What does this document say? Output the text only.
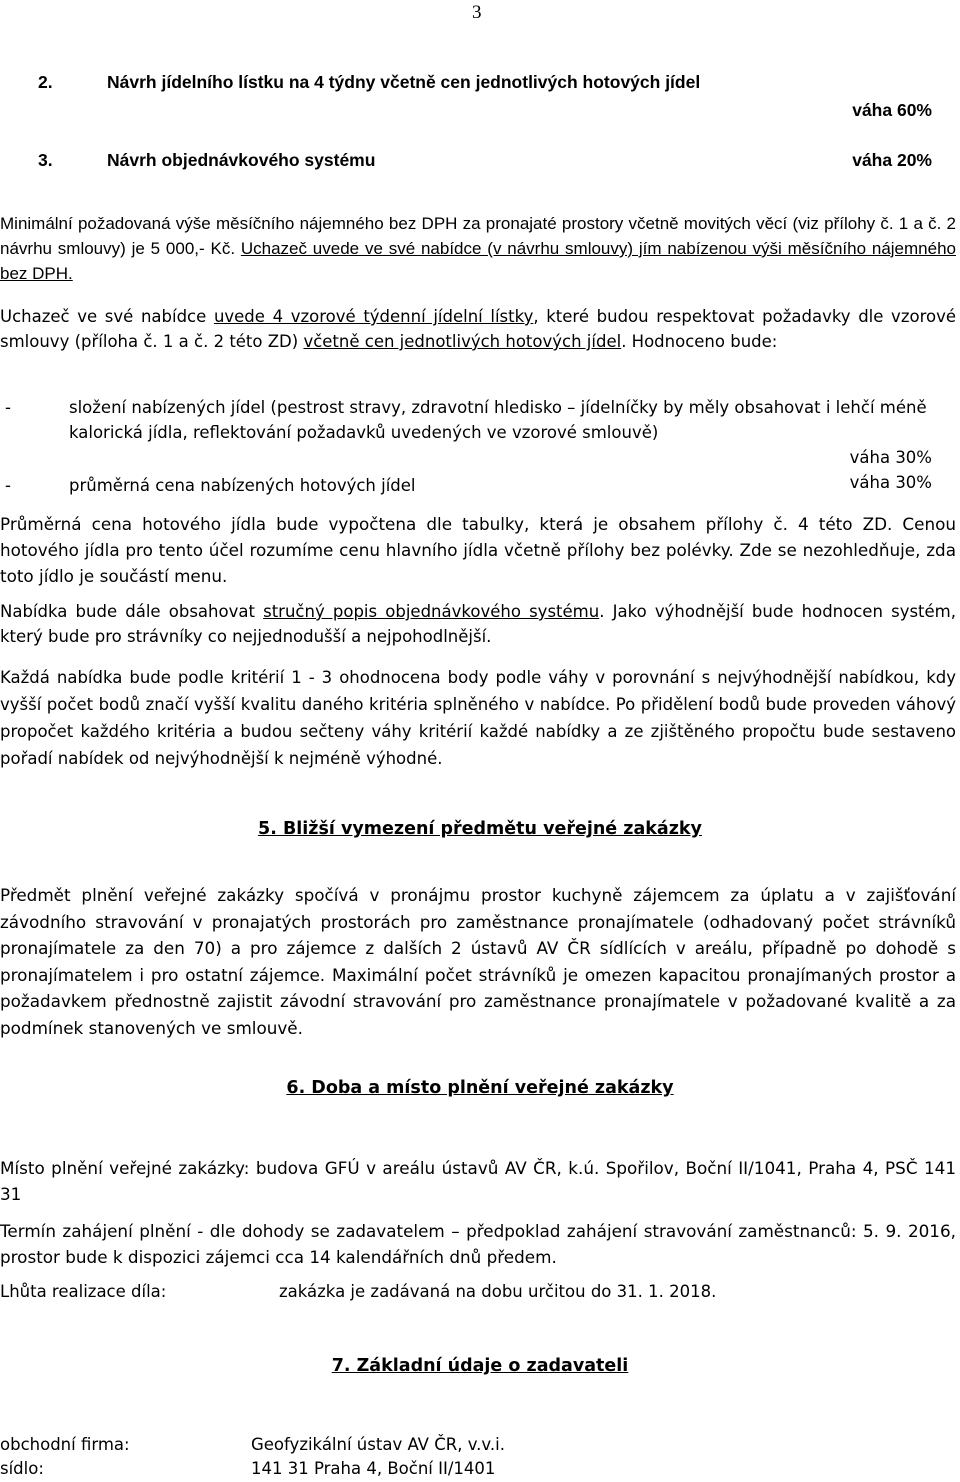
3
2.	Návrh jídelního lístku na 4 týdny včetně cen jednotlivých hotových jídel
váha 60%
3.	Návrh objednávkového systému	váha 20%

Minimální požadovaná výše měsíčního nájemného bez DPH za pronajaté prostory včetně movitých věcí (viz přílohy č. 1 a č. 2 návrhu smlouvy) je 5 000,- Kč. Uchazeč uvede ve své nabídce (v návrhu smlouvy) jím nabízenou výši měsíčního nájemného bez DPH.

Uchazeč ve své nabídce uvede 4 vzorové týdenní jídelní lístky, které budou respektovat požadavky dle vzorové smlouvy (příloha č. 1 a č. 2 této ZD) včetně cen jednotlivých hotových jídel. Hodnoceno bude:

-	složení nabízených jídel (pestrost stravy, zdravotní hledisko – jídelníčky by měly obsahovat i lehčí méně kalorická jídla, reflektování požadavků uvedených ve vzorové smlouvě)
váha 30%
-	průměrná cena nabízených hotových jídel	váha 30%

Průměrná cena hotového jídla bude vypočtena dle tabulky, která je obsahem přílohy č. 4 této ZD. Cenou hotového jídla pro tento účel rozumíme cenu hlavního jídla včetně přílohy bez polévky. Zde se nezohledňuje, zda toto jídlo je součástí menu.

Nabídka bude dále obsahovat stručný popis objednávkového systému. Jako výhodnější bude hodnocen systém, který bude pro strávníky co nejjednodušší a nejpohodlnější.

Každá nabídka bude podle kritérií 1 - 3 ohodnocena body podle váhy v porovnání s nejvýhodnější nabídkou, kdy vyšší počet bodů značí vyšší kvalitu daného kritéria splněného v nabídce. Po přidělení bodů bude proveden váhový propočet každého kritéria a budou sečteny váhy kritérií každé nabídky a ze zjištěného propočtu bude sestaveno pořadí nabídek od nejvýhodnější k nejméně výhodné.

5. Bližší vymezení předmětu veřejné zakázky

Předmět plnění veřejné zakázky spočívá v pronájmu prostor kuchyně zájemcem za úplatu a v zajišťování závodního stravování v pronajatých prostorách pro zaměstnance pronajímatele (odhadovaný počet strávníků pronajímatele za den 70) a pro zájemce z dalších 2 ústavů AV ČR sídlících v areálu, případně po dohodě s pronajímatelem i pro ostatní zájemce. Maximální počet strávníků je omezen kapacitou pronajímaných prostor a požadavkem přednostně zajistit závodní stravování pro zaměstnance pronajímatele v požadované kvalitě a za podmínek stanovených ve smlouvě.

6. Doba a místo plnění veřejné zakázky

Místo plnění veřejné zakázky: budova GFÚ v areálu ústavů AV ČR, k.ú. Spořilov, Boční II/1041, Praha 4, PSČ 141 31

Termín zahájení plnění - dle dohody se zadavatelem – předpoklad zahájení stravování zaměstnanců: 5. 9. 2016, prostor bude k dispozici zájemci cca 14 kalendářních dnů předem.

Lhůta realizace díla:	zakázka je zadávaná na dobu určitou do 31. 1. 2018.
7. Základní údaje o zadavateli
obchodní firma:	Geofyzikální ústav AV ČR, v.v.i.
sídlo:	141 31 Praha 4, Boční II/1401
